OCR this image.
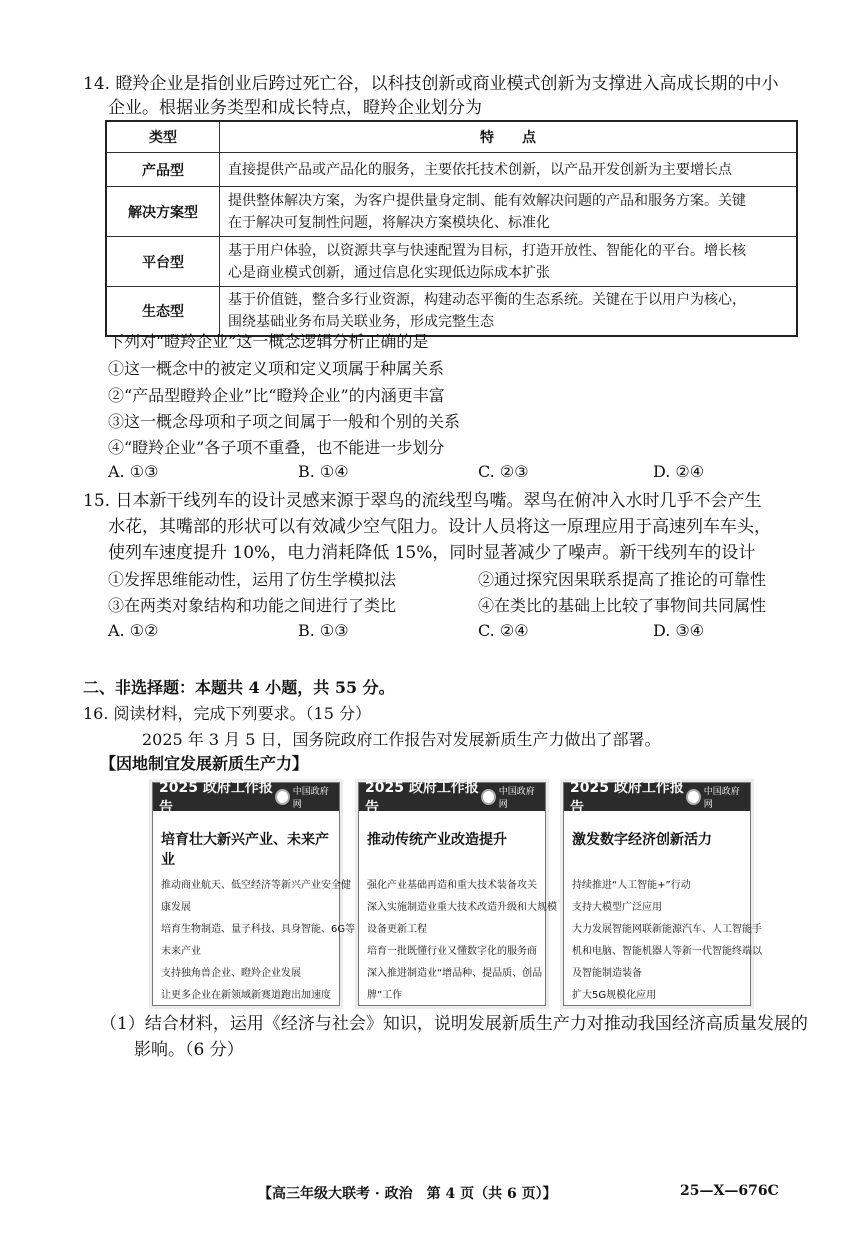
14. 瞪羚企业是指创业后跨过死亡谷，以科技创新或商业模式创新为支撑进入高成长期的中小
企业。根据业务类型和成长特点，瞪羚企业划分为
类型	特　　点
产品型	直接提供产品或产品化的服务，主要依托技术创新，以产品开发创新为主要增长点

解决方案型	提供整体解决方案，为客户提供量身定制、能有效解决问题的产品和服务方案。关键
在于解决可复制性问题，将解决方案模块化、标准化

平台型	基于用户体验，以资源共享与快速配置为目标，打造开放性、智能化的平台。增长核
心是商业模式创新，通过信息化实现低边际成本扩张

生态型	基于价值链，整合多行业资源，构建动态平衡的生态系统。关键在于以用户为核心，
围绕基础业务布局关联业务，形成完整生态
下列对“瞪羚企业”这一概念逻辑分析正确的是
①这一概念中的被定义项和定义项属于种属关系
②“产品型瞪羚企业”比“瞪羚企业”的内涵更丰富
③这一概念母项和子项之间属于一般和个别的关系
④“瞪羚企业”各子项不重叠，也不能进一步划分
A. ①③	B. ①④	C. ②③	D. ②④
15. 日本新干线列车的设计灵感来源于翠鸟的流线型鸟嘴。翠鸟在俯冲入水时几乎不会产生
水花，其嘴部的形状可以有效减少空气阻力。设计人员将这一原理应用于高速列车车头，
使列车速度提升 10%，电力消耗降低 15%，同时显著减少了噪声。新干线列车的设计
①发挥思维能动性，运用了仿生学模拟法	②通过探究因果联系提高了推论的可靠性
③在两类对象结构和功能之间进行了类比	④在类比的基础上比较了事物间共同属性
A. ①②	B. ①③	C. ②④	D. ③④
二、非选择题：本题共 4 小题，共 55 分。
16. 阅读材料，完成下列要求。（15 分）
2025 年 3 月 5 日，国务院政府工作报告对发展新质生产力做出了部署。
【因地制宜发展新质生产力】
2025 政府工作报告
中国政府网
培育壮大新兴产业、未来产业
推动商业航天、低空经济等新兴产业安全健
康发展
培育生物制造、量子科技、具身智能、6G等
未来产业
支持独角兽企业、瞪羚企业发展
让更多企业在新领域新赛道跑出加速度
2025 政府工作报告
中国政府网
推动传统产业改造提升
强化产业基础再造和重大技术装备攻关
深入实施制造业重大技术改造升级和大规模
设备更新工程
培育一批既懂行业又懂数字化的服务商
深入推进制造业“增品种、提品质、创品
牌”工作
2025 政府工作报告
中国政府网
激发数字经济创新活力
持续推进“人工智能+”行动
支持大模型广泛应用
大力发展智能网联新能源汽车、人工智能手
机和电脑、智能机器人等新一代智能终端以
及智能制造装备
扩大5G规模化应用
（1）结合材料，运用《经济与社会》知识，说明发展新质生产力对推动我国经济高质量发展的
影响。（6 分）
【高三年级大联考 · 政治　第 4 页（共 6 页）】	25—X—676C
